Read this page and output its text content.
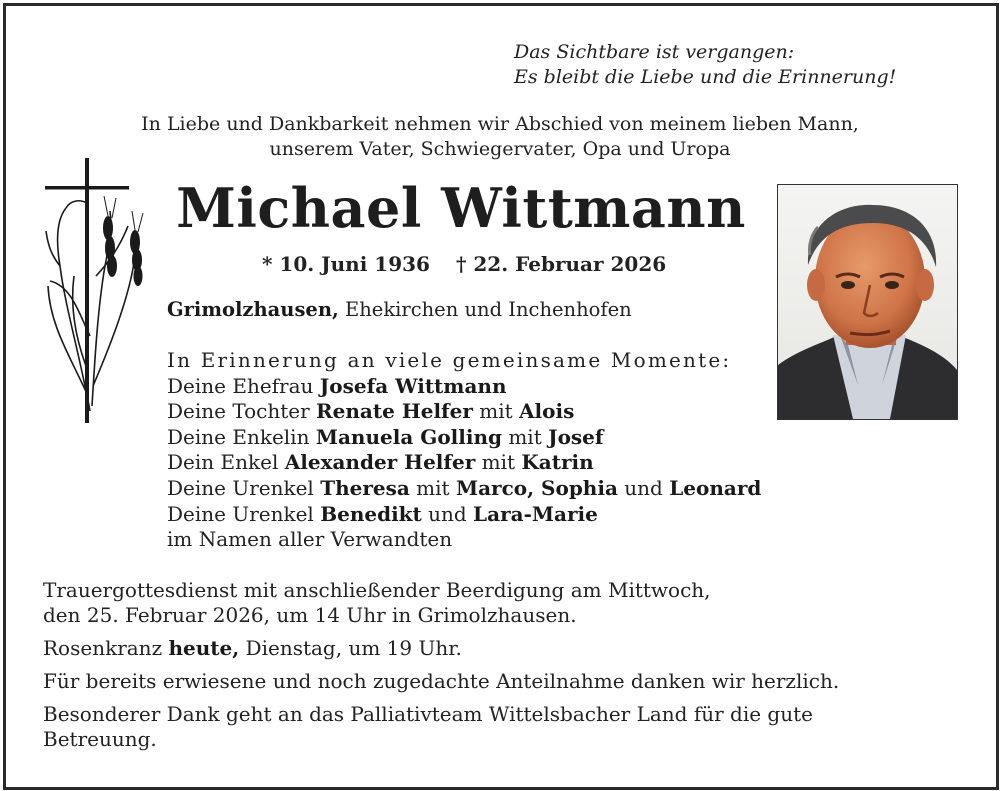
Das Sichtbare ist vergangen:
Es bleibt die Liebe und die Erinnerung!
In Liebe und Dankbarkeit nehmen wir Abschied von meinem lieben Mann,
unserem Vater, Schwiegervater, Opa und Uropa
Michael Wittmann
* 10. Juni 1936 † 22. Februar 2026
Grimolzhausen, Ehekirchen und Inchenhofen
In Erinnerung an viele gemeinsame Momente:
Deine Ehefrau Josefa Wittmann
Deine Tochter Renate Helfer mit Alois
Deine Enkelin Manuela Golling mit Josef
Dein Enkel Alexander Helfer mit Katrin
Deine Urenkel Theresa mit Marco, Sophia und Leonard
Deine Urenkel Benedikt und Lara-Marie
im Namen aller Verwandten

Trauergottesdienst mit anschließender Beerdigung am Mittwoch,
den 25. Februar 2026, um 14 Uhr in Grimolzhausen.

Rosenkranz heute, Dienstag, um 19 Uhr.

Für bereits erwiesene und noch zugedachte Anteilnahme danken wir herzlich.

Besonderer Dank geht an das Palliativteam Wittelsbacher Land für die gute
Betreuung.
